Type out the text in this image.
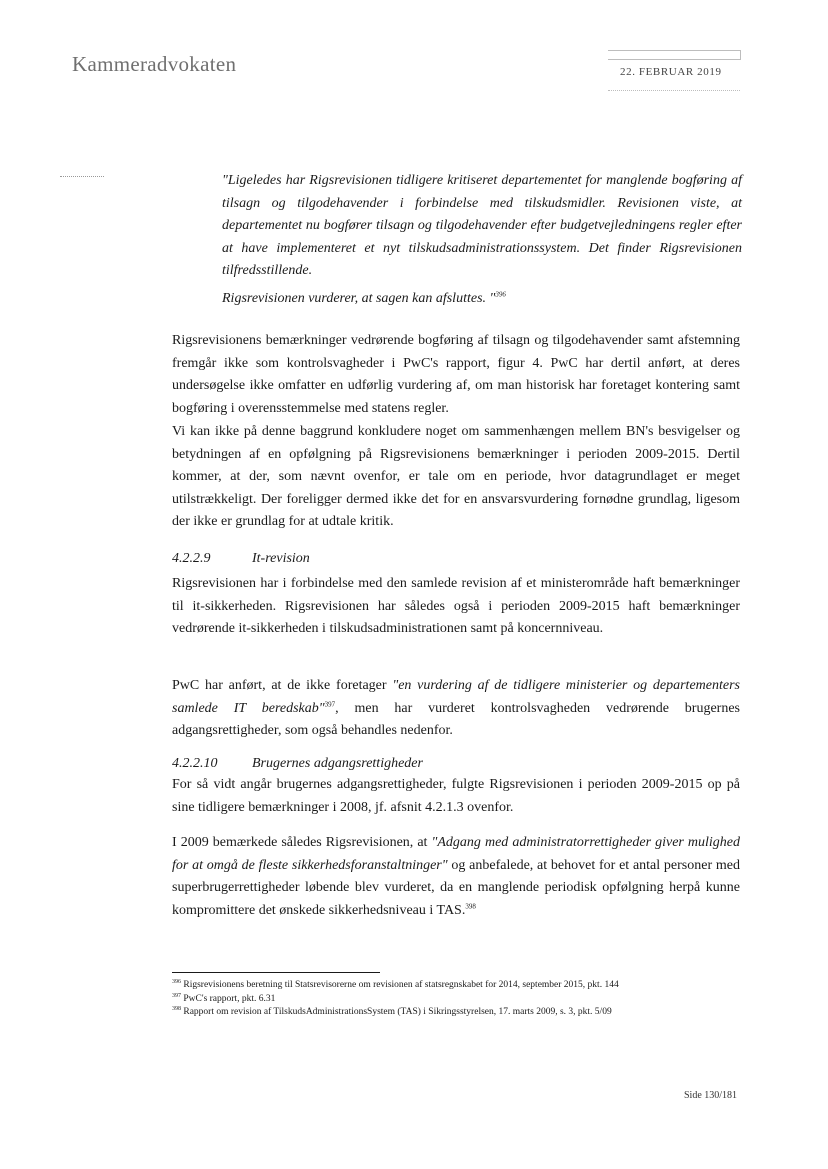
Kammeradvokaten	22. FEBRUAR 2019
"Ligeledes har Rigsrevisionen tidligere kritiseret departementet for manglende bogføring af tilsagn og tilgodehavender i forbindelse med tilskudsmidler. Revisionen viste, at departementet nu bogfører tilsagn og tilgodehavender efter budgetvejledningens regler efter at have implementeret et nyt tilskudsadministrationssystem. Det finder Rigsrevisionen tilfredsstillende.
Rigsrevisionen vurderer, at sagen kan afsluttes. "$^{396}$
Rigsrevisionens bemærkninger vedrørende bogføring af tilsagn og tilgodehavender samt afstemning fremgår ikke som kontrolsvagheder i PwC's rapport, figur 4. PwC har dertil anført, at deres undersøgelse ikke omfatter en udførlig vurdering af, om man historisk har foretaget kontering samt bogføring i overensstemmelse med statens regler.
Vi kan ikke på denne baggrund konkludere noget om sammenhængen mellem BN's besvigelser og betydningen af en opfølgning på Rigsrevisionens bemærkninger i perioden 2009-2015. Dertil kommer, at der, som nævnt ovenfor, er tale om en periode, hvor datagrundlaget er meget utilstrækkeligt. Der foreligger dermed ikke det for en ansvarsvurdering fornødne grundlag, ligesom der ikke er grundlag for at udtale kritik.
4.2.2.9	It-revision
Rigsrevisionen har i forbindelse med den samlede revision af et ministerområde haft bemærkninger til it-sikkerheden. Rigsrevisionen har således også i perioden 2009-2015 haft bemærkninger vedrørende it-sikkerheden i tilskudsadministrationen samt på koncernniveau.
PwC har anført, at de ikke foretager "en vurdering af de tidligere ministerier og departementers samlede IT beredskab"$^{397}$, men har vurderet kontrolsvagheden vedrørende brugernes adgangsrettigheder, som også behandles nedenfor.
4.2.2.10 Brugernes adgangsrettigheder
For så vidt angår brugernes adgangsrettigheder, fulgte Rigsrevisionen i perioden 2009-2015 op på sine tidligere bemærkninger i 2008, jf. afsnit 4.2.1.3 ovenfor.
I 2009 bemærkede således Rigsrevisionen, at "Adgang med administratorrettigheder giver mulighed for at omgå de fleste sikkerhedsforanstaltninger" og anbefalede, at behovet for et antal personer med superbrugerrettigheder løbende blev vurderet, da en manglende periodisk opfølgning herpå kunne kompromittere det ønskede sikkerhedsniveau i TAS.$^{398}$
$^{396}$ Rigsrevisionens beretning til Statsrevisorerne om revisionen af statsregnskabet for 2014, september 2015, pkt. 144
$^{397}$ PwC's rapport, pkt. 6.31
$^{398}$ Rapport om revision af TilskudsAdministrationsSystem (TAS) i Sikringsstyrelsen, 17. marts 2009, s. 3, pkt. 5/09
Side 130/181
